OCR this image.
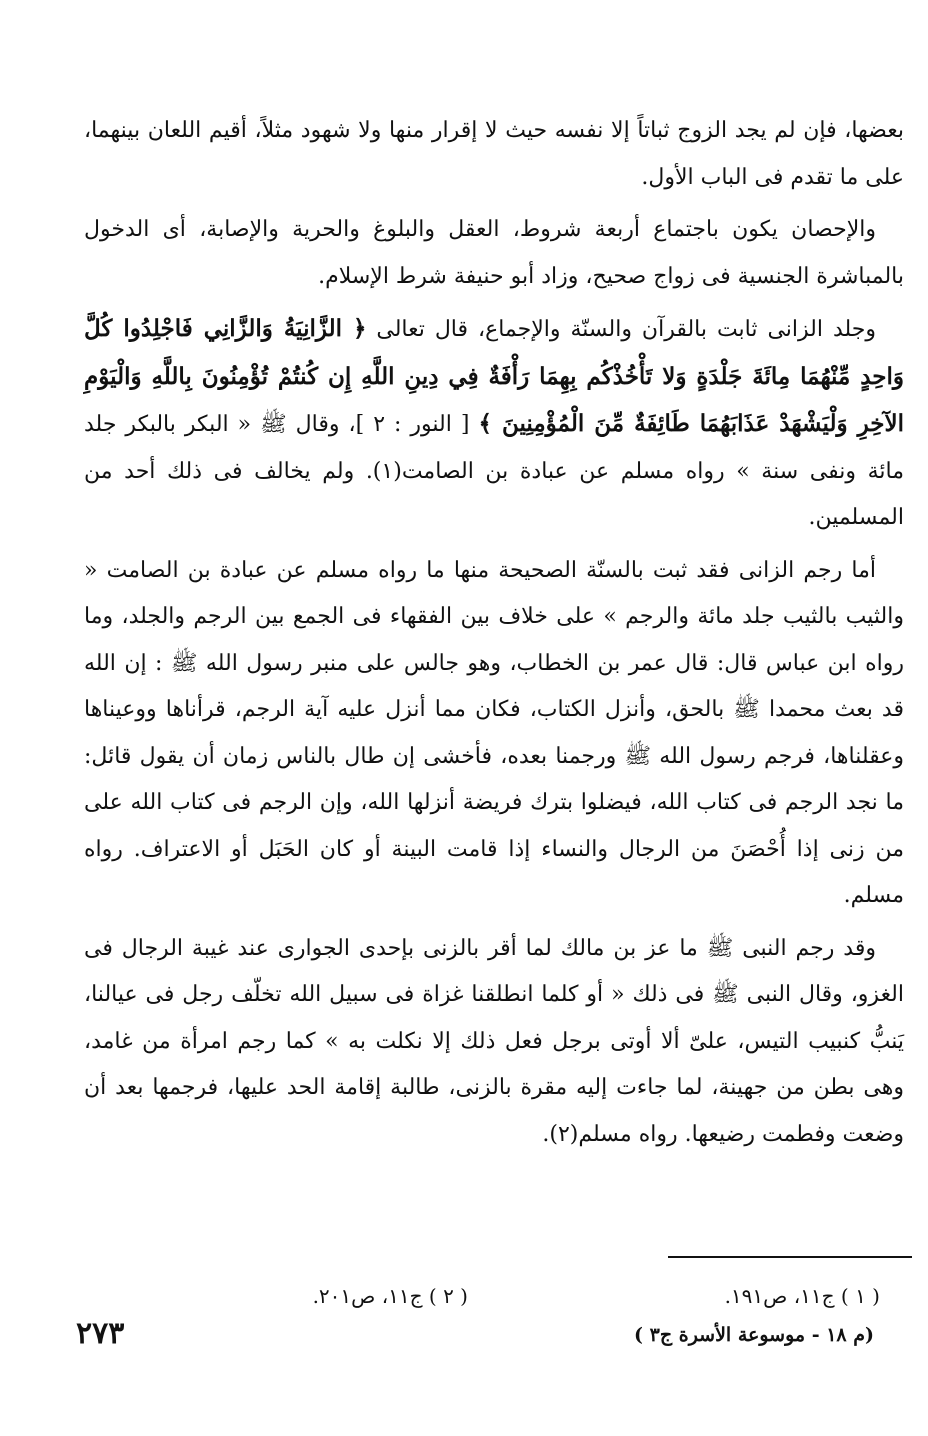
بعضها، فإن لم يجد الزوج ثباتاً إلا نفسه حيث لا إقرار منها ولا شهود مثلاً، أقيم اللعان بينهما، على ما تقدم فى الباب الأول.

والإحصان يكون باجتماع أربعة شروط، العقل والبلوغ والحرية والإصابة، أى الدخول بالمباشرة الجنسية فى زواج صحيح، وزاد أبو حنيفة شرط الإسلام.

وجلد الزانى ثابت بالقرآن والسنّة والإجماع، قال تعالى ﴿ الزَّانِيَةُ وَالزَّانِي فَاجْلِدُوا كُلَّ وَاحِدٍ مِّنْهُمَا مِائَةَ جَلْدَةٍ وَلا تَأْخُذْكُم بِهِمَا رَأْفَةٌ فِي دِينِ اللَّهِ إِن كُنتُمْ تُؤْمِنُونَ بِاللَّهِ وَالْيَوْمِ الآخِرِ وَلْيَشْهَدْ عَذَابَهُمَا طَائِفَةٌ مِّنَ الْمُؤْمِنِينَ ﴾ [ النور : ٢ ]، وقال ﷺ « البكر بالبكر جلد مائة ونفى سنة » رواه مسلم عن عبادة بن الصامت(١). ولم يخالف فى ذلك أحد من المسلمين.

أما رجم الزانى فقد ثبت بالسنّة الصحيحة منها ما رواه مسلم عن عبادة بن الصامت « والثيب بالثيب جلد مائة والرجم » على خلاف بين الفقهاء فى الجمع بين الرجم والجلد، وما رواه ابن عباس قال: قال عمر بن الخطاب، وهو جالس على منبر رسول الله ﷺ : إن الله قد بعث محمدا ﷺ بالحق، وأنزل الكتاب، فكان مما أنزل عليه آية الرجم، قرأناها ووعيناها وعقلناها، فرجم رسول الله ﷺ ورجمنا بعده، فأخشى إن طال بالناس زمان أن يقول قائل: ما نجد الرجم فى كتاب الله، فيضلوا بترك فريضة أنزلها الله، وإن الرجم فى كتاب الله على من زنى إذا أُحْصَنَ من الرجال والنساء إذا قامت البينة أو كان الحَبَل أو الاعتراف. رواه مسلم.

وقد رجم النبى ﷺ ما عز بن مالك لما أقر بالزنى بإحدى الجوارى عند غيبة الرجال فى الغزو، وقال النبى ﷺ فى ذلك « أو كلما انطلقنا غزاة فى سبيل الله تخلّف رجل فى عيالنا، يَنبُّ كنبيب التيس، علىّ ألا أوتى برجل فعل ذلك إلا نكلت به » كما رجم امرأة من غامد، وهى بطن من جهينة، لما جاءت إليه مقرة بالزنى، طالبة إقامة الحد عليها، فرجمها بعد أن وضعت وفطمت رضيعها. رواه مسلم(٢).

( ١ ) ج١١، ص١٩١.
( ٢ ) ج١١، ص٢٠١.
(م ١٨ - موسوعة الأسرة ج٣ )
٢٧٣
